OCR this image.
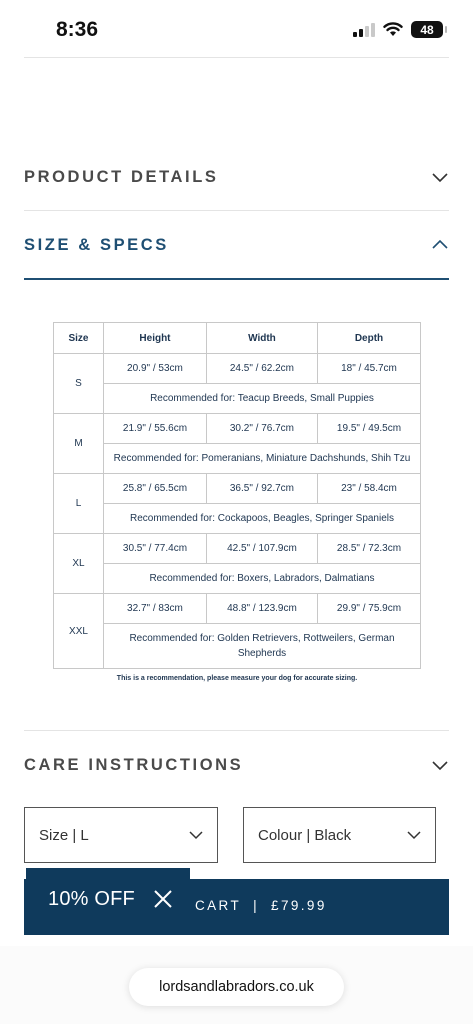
8:36	48
PRODUCT DETAILS
SIZE & SPECS
Size	Height	Width	Depth
S	20.9" / 53cm	24.5" / 62.2cm	18" / 45.7cm
	Recommended for: Teacup Breeds, Small Puppies		
M	21.9" / 55.6cm	30.2" / 76.7cm	19.5" / 49.5cm
	Recommended for: Pomeranians, Miniature Dachshunds, Shih Tzu		
L	25.8" / 65.5cm	36.5" / 92.7cm	23" / 58.4cm
	Recommended for: Cockapoos, Beagles, Springer Spaniels		
XL	30.5" / 77.4cm	42.5" / 107.9cm	28.5" / 72.3cm
	Recommended for: Boxers, Labradors, Dalmatians		
XXL	32.7" / 83cm	48.8" / 123.9cm	29.9" / 75.9cm
	Recommended for: Golden Retrievers, Rottweilers, German Shepherds		
This is a recommendation, please measure your dog for accurate sizing.
CARE INSTRUCTIONS
Size | L	Colour | Black
CART | £79.99
10% OFF
lordsandlabradors.co.uk
